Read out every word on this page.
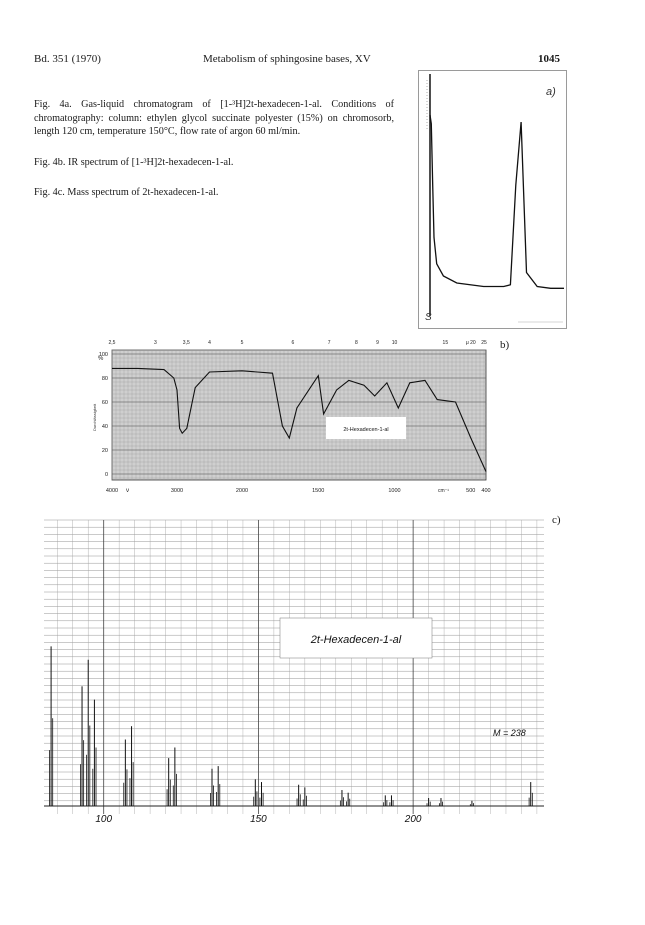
Bd. 351 (1970)	Metabolism of sphingosine bases, XV	1045
Fig. 4a. Gas-liquid chromatogram of [1-³H]2t-hexadecen-1-al. Conditions of chromatography: column: ethylen glycol succinate polyester (15%) on chromosorb, length 120 cm, temperature 150°C, flow rate of argon 60 ml/min.
Fig. 4b. IR spectrum of [1-³H]2t-hexadecen-1-al.
Fig. 4c. Mass spectrum of 2t-hexadecen-1-al.
a)
S
b)
2,5	3	3,5	4	5	6	7	8	9	10	15	μ 20 25
2t-Hexadecen-1-al
100
80
60
40
20
0
%
Durchlässigkeit
4000	3000	2000	1500	1000	500 400
ν	cm⁻¹
c)
2t-Hexadecen-1-al
M = 238
100	150	200
